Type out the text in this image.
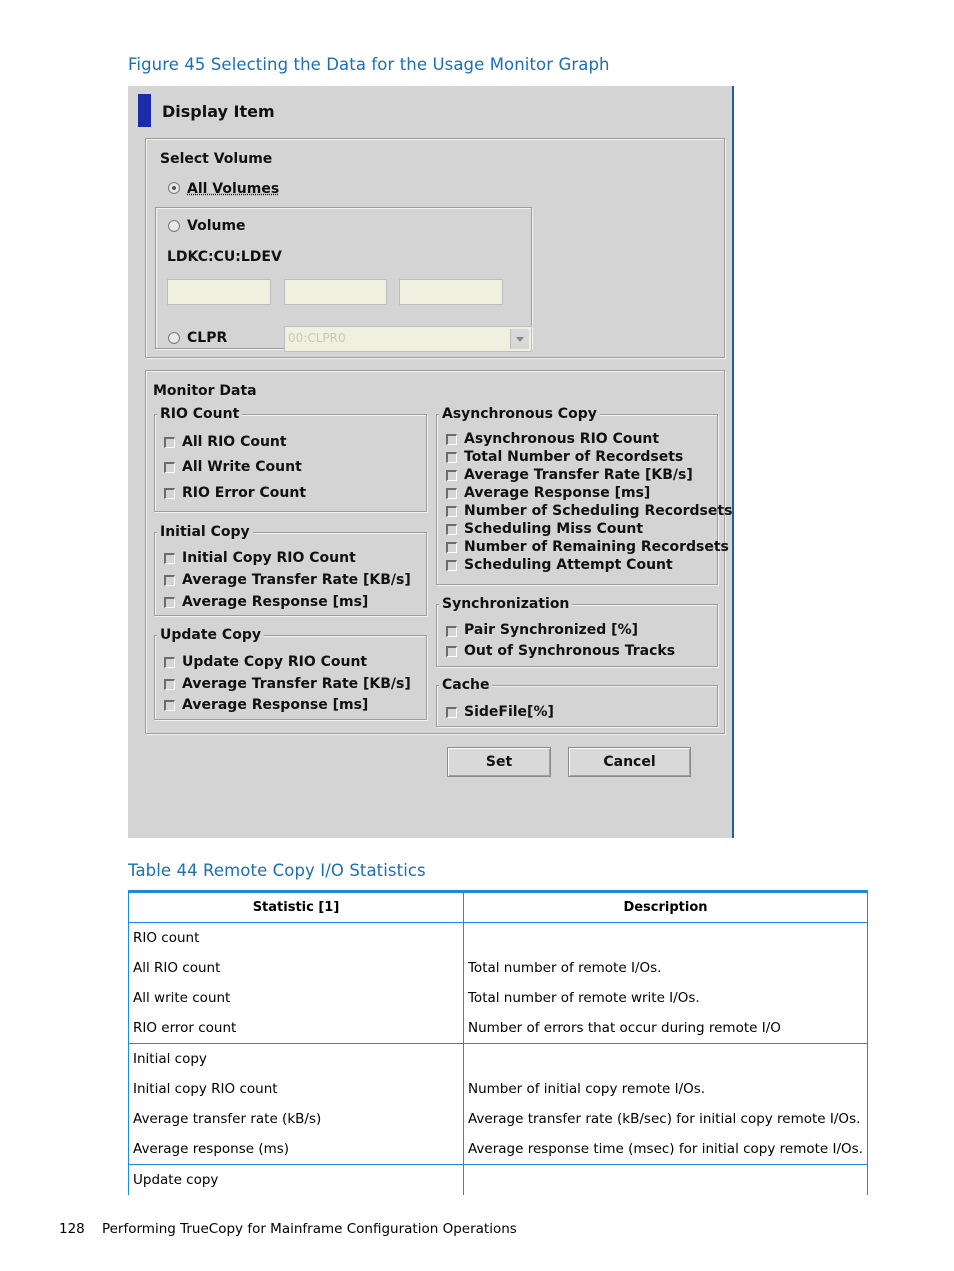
Figure 45 Selecting the Data for the Usage Monitor Graph
Display Item
Select Volume
All Volumes
Volume
LDKC:CU:LDEV
CLPR	00:CLPR0
Monitor Data
RIO Count
All RIO Count
All Write Count
RIO Error Count
Initial Copy
Initial Copy RIO Count
Average Transfer Rate [KB/s]
Average Response [ms]
Update Copy
Update Copy RIO Count
Average Transfer Rate [KB/s]
Average Response [ms]
Asynchronous Copy
Asynchronous RIO Count
Total Number of Recordsets
Average Transfer Rate [KB/s]
Average Response [ms]
Number of Scheduling Recordsets
Scheduling Miss Count
Number of Remaining Recordsets
Scheduling Attempt Count
Synchronization
Pair Synchronized [%]
Out of Synchronous Tracks
Cache
SideFile[%]
Set	Cancel
Table 44 Remote Copy I/O Statistics
Statistic [1]	Description
RIO count	
All RIO count	Total number of remote I/Os.
All write count	Total number of remote write I/Os.
RIO error count	Number of errors that occur during remote I/O
Initial copy	
Initial copy RIO count	Number of initial copy remote I/Os.
Average transfer rate (kB/s)	Average transfer rate (kB/sec) for initial copy remote I/Os.
Average response (ms)	Average response time (msec) for initial copy remote I/Os.
Update copy	
128 Performing TrueCopy for Mainframe Configuration Operations
